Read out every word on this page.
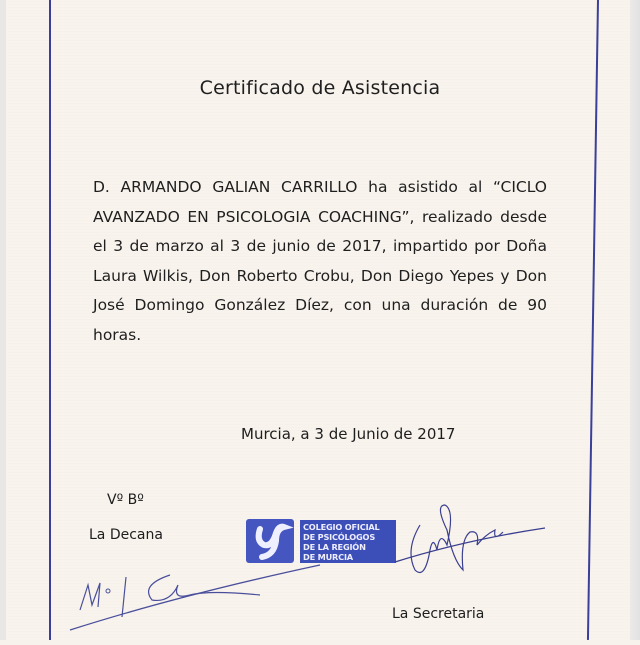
Certificado de Asistencia
D. ARMANDO GALIAN CARRILLO ha asistido al “CICLO
AVANZADO EN PSICOLOGIA COACHING”, realizado desde
el 3 de marzo al 3 de junio de 2017, impartido por Doña
Laura Wilkis, Don Roberto Crobu, Don Diego Yepes y Don
José Domingo González Díez, con una duración de 90
horas.
Murcia, a 3 de Junio de 2017
Vº Bº
La Decana	COLEGIO OFICIAL
DE PSICÓLOGOS
DE LA REGIÓN
DE MURCIA
La Secretaria
